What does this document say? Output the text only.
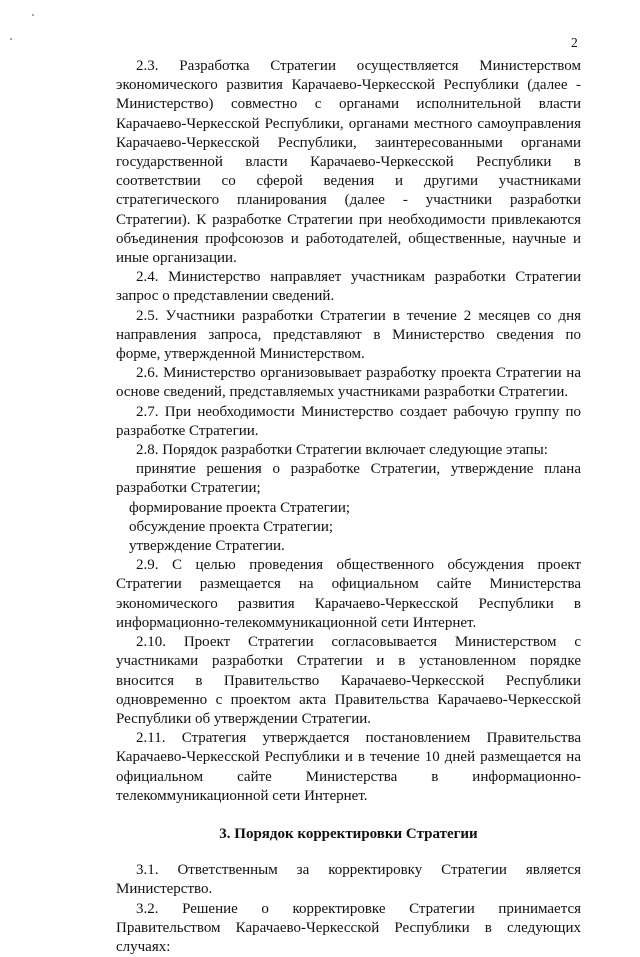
2

2.3. Разработка Стратегии осуществляется Министерством экономического развития Карачаево-Черкесской Республики (далее - Министерство) совместно с органами исполнительной власти Карачаево-Черкесской Республики, органами местного самоуправления Карачаево-Черкесской Республики, заинтересованными органами государственной власти Карачаево-Черкесской Республики в соответствии со сферой ведения и другими участниками стратегического планирования (далее - участники разработки Стратегии). К разработке Стратегии при необходимости привлекаются объединения профсоюзов и работодателей, общественные, научные и иные организации.

2.4. Министерство направляет участникам разработки Стратегии запрос о представлении сведений.

2.5. Участники разработки Стратегии в течение 2 месяцев со дня направления запроса, представляют в Министерство сведения по форме, утвержденной Министерством.

2.6. Министерство организовывает разработку проекта Стратегии на основе сведений, представляемых участниками разработки Стратегии.

2.7. При необходимости Министерство создает рабочую группу по разработке Стратегии.

2.8. Порядок разработки Стратегии включает следующие этапы:

принятие решения о разработке Стратегии, утверждение плана разработки Стратегии;

формирование проекта Стратегии;

обсуждение проекта Стратегии;

утверждение Стратегии.

2.9. С целью проведения общественного обсуждения проект Стратегии размещается на официальном сайте Министерства экономического развития Карачаево-Черкесской Республики в информационно-телекоммуникационной сети Интернет.

2.10. Проект Стратегии согласовывается Министерством с участниками разработки Стратегии и в установленном порядке вносится в Правительство Карачаево-Черкесской Республики одновременно с проектом акта Правительства Карачаево-Черкесской Республики об утверждении Стратегии.

2.11. Стратегия утверждается постановлением Правительства Карачаево-Черкесской Республики и в течение 10 дней размещается на официальном сайте Министерства в информационно-телекоммуникационной сети Интернет.

3. Порядок корректировки Стратегии

3.1. Ответственным за корректировку Стратегии является Министерство.

3.2. Решение о корректировке Стратегии принимается Правительством Карачаево-Черкесской Республики в следующих случаях:
